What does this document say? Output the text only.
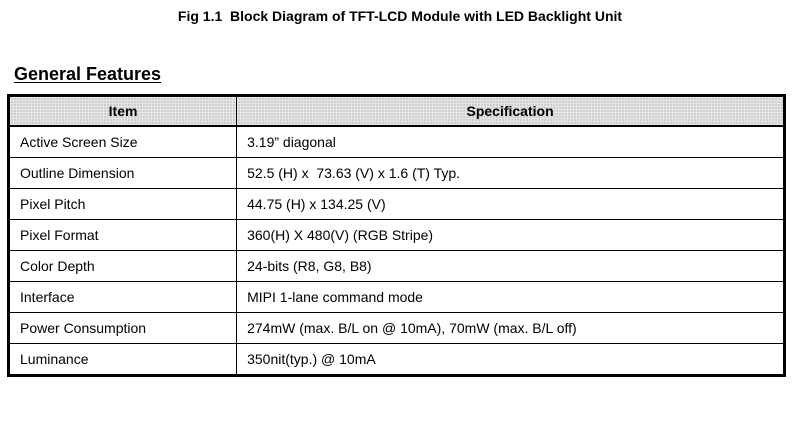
Fig 1.1  Block Diagram of TFT-LCD Module with LED Backlight Unit
General Features
Item	Specification
Active Screen Size	3.19” diagonal
Outline Dimension	52.5 (H) x  73.63 (V) x 1.6 (T) Typ.
Pixel Pitch	44.75 (H) x 134.25 (V)
Pixel Format	360(H) X 480(V) (RGB Stripe)
Color Depth	24-bits (R8, G8, B8)
Interface	MIPI 1-lane command mode
Power Consumption	274mW (max. B/L on @ 10mA), 70mW (max. B/L off)
Luminance	350nit(typ.) @ 10mA
